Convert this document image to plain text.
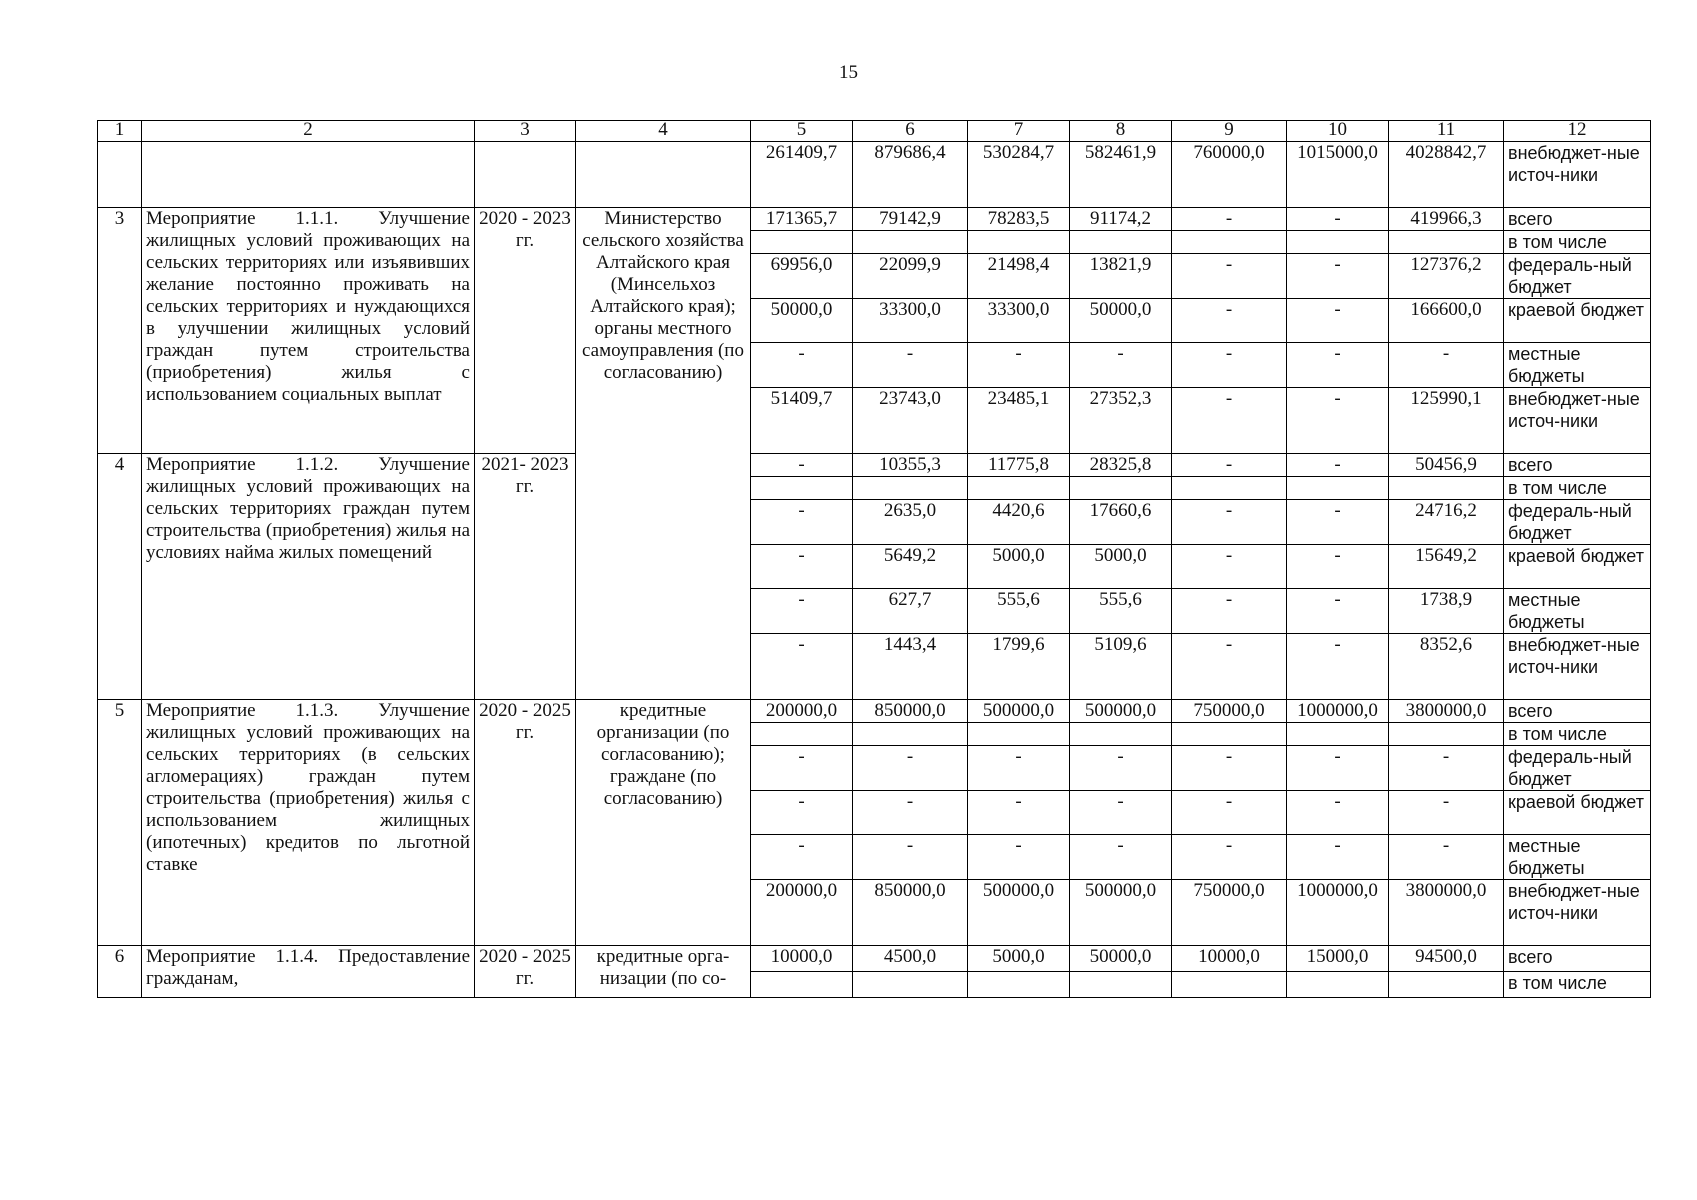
15
1	2	3	4	5	6	7	8	9	10	11	12
				261409,7	879686,4	530284,7	582461,9	760000,0	1015000,0	4028842,7	внебюджет-ные источ-ники
3	Мероприятие 1.1.1. Улучшение жилищных условий проживающих на сельских территориях или изъявивших желание постоянно проживать на сельских территориях и нуждающихся в улучшении жилищных условий граждан путем строительства (приобретения) жилья с использованием социальных выплат	2020 - 2023 гг.	Министерство сельского хозяйства Алтайского края (Минсельхоз Алтайского края); органы местного самоуправления (по согласованию)	171365,7	79142,9	78283,5	91174,2	-	-	419966,3	всего
											в том числе
				69956,0	22099,9	21498,4	13821,9	-	-	127376,2	федераль-ный бюджет
				50000,0	33300,0	33300,0	50000,0	-	-	166600,0	краевой бюджет
				-	-	-	-	-	-	-	местные бюджеты
				51409,7	23743,0	23485,1	27352,3	-	-	125990,1	внебюджет-ные источ-ники
4	Мероприятие 1.1.2. Улучшение жилищных условий проживающих на сельских территориях граждан путем строительства (приобретения) жилья на условиях найма жилых помещений	2021- 2023 гг.		-	10355,3	11775,8	28325,8	-	-	50456,9	всего
											в том числе
				-	2635,0	4420,6	17660,6	-	-	24716,2	федераль-ный бюджет
				-	5649,2	5000,0	5000,0	-	-	15649,2	краевой бюджет
				-	627,7	555,6	555,6	-	-	1738,9	местные бюджеты
				-	1443,4	1799,6	5109,6	-	-	8352,6	внебюджет-ные источ-ники
5	Мероприятие 1.1.3. Улучшение жилищных условий проживающих на сельских территориях (в сельских агломерациях) граждан путем строительства (приобретения) жилья с использованием жилищных (ипотечных) кредитов по льготной ставке	2020 - 2025 гг.	кредитные организации (по согласованию); граждане (по согласованию)	200000,0	850000,0	500000,0	500000,0	750000,0	1000000,0	3800000,0	всего
											в том числе
				-	-	-	-	-	-	-	федераль-ный бюджет
				-	-	-	-	-	-	-	краевой бюджет
				-	-	-	-	-	-	-	местные бюджеты
				200000,0	850000,0	500000,0	500000,0	750000,0	1000000,0	3800000,0	внебюджет-ные источ-ники
6	Мероприятие 1.1.4. Предоставление гражданам,	2020 - 2025 гг.	кредитные орга-низации (по со-	10000,0	4500,0	5000,0	50000,0	10000,0	15000,0	94500,0	всего
											в том числе
